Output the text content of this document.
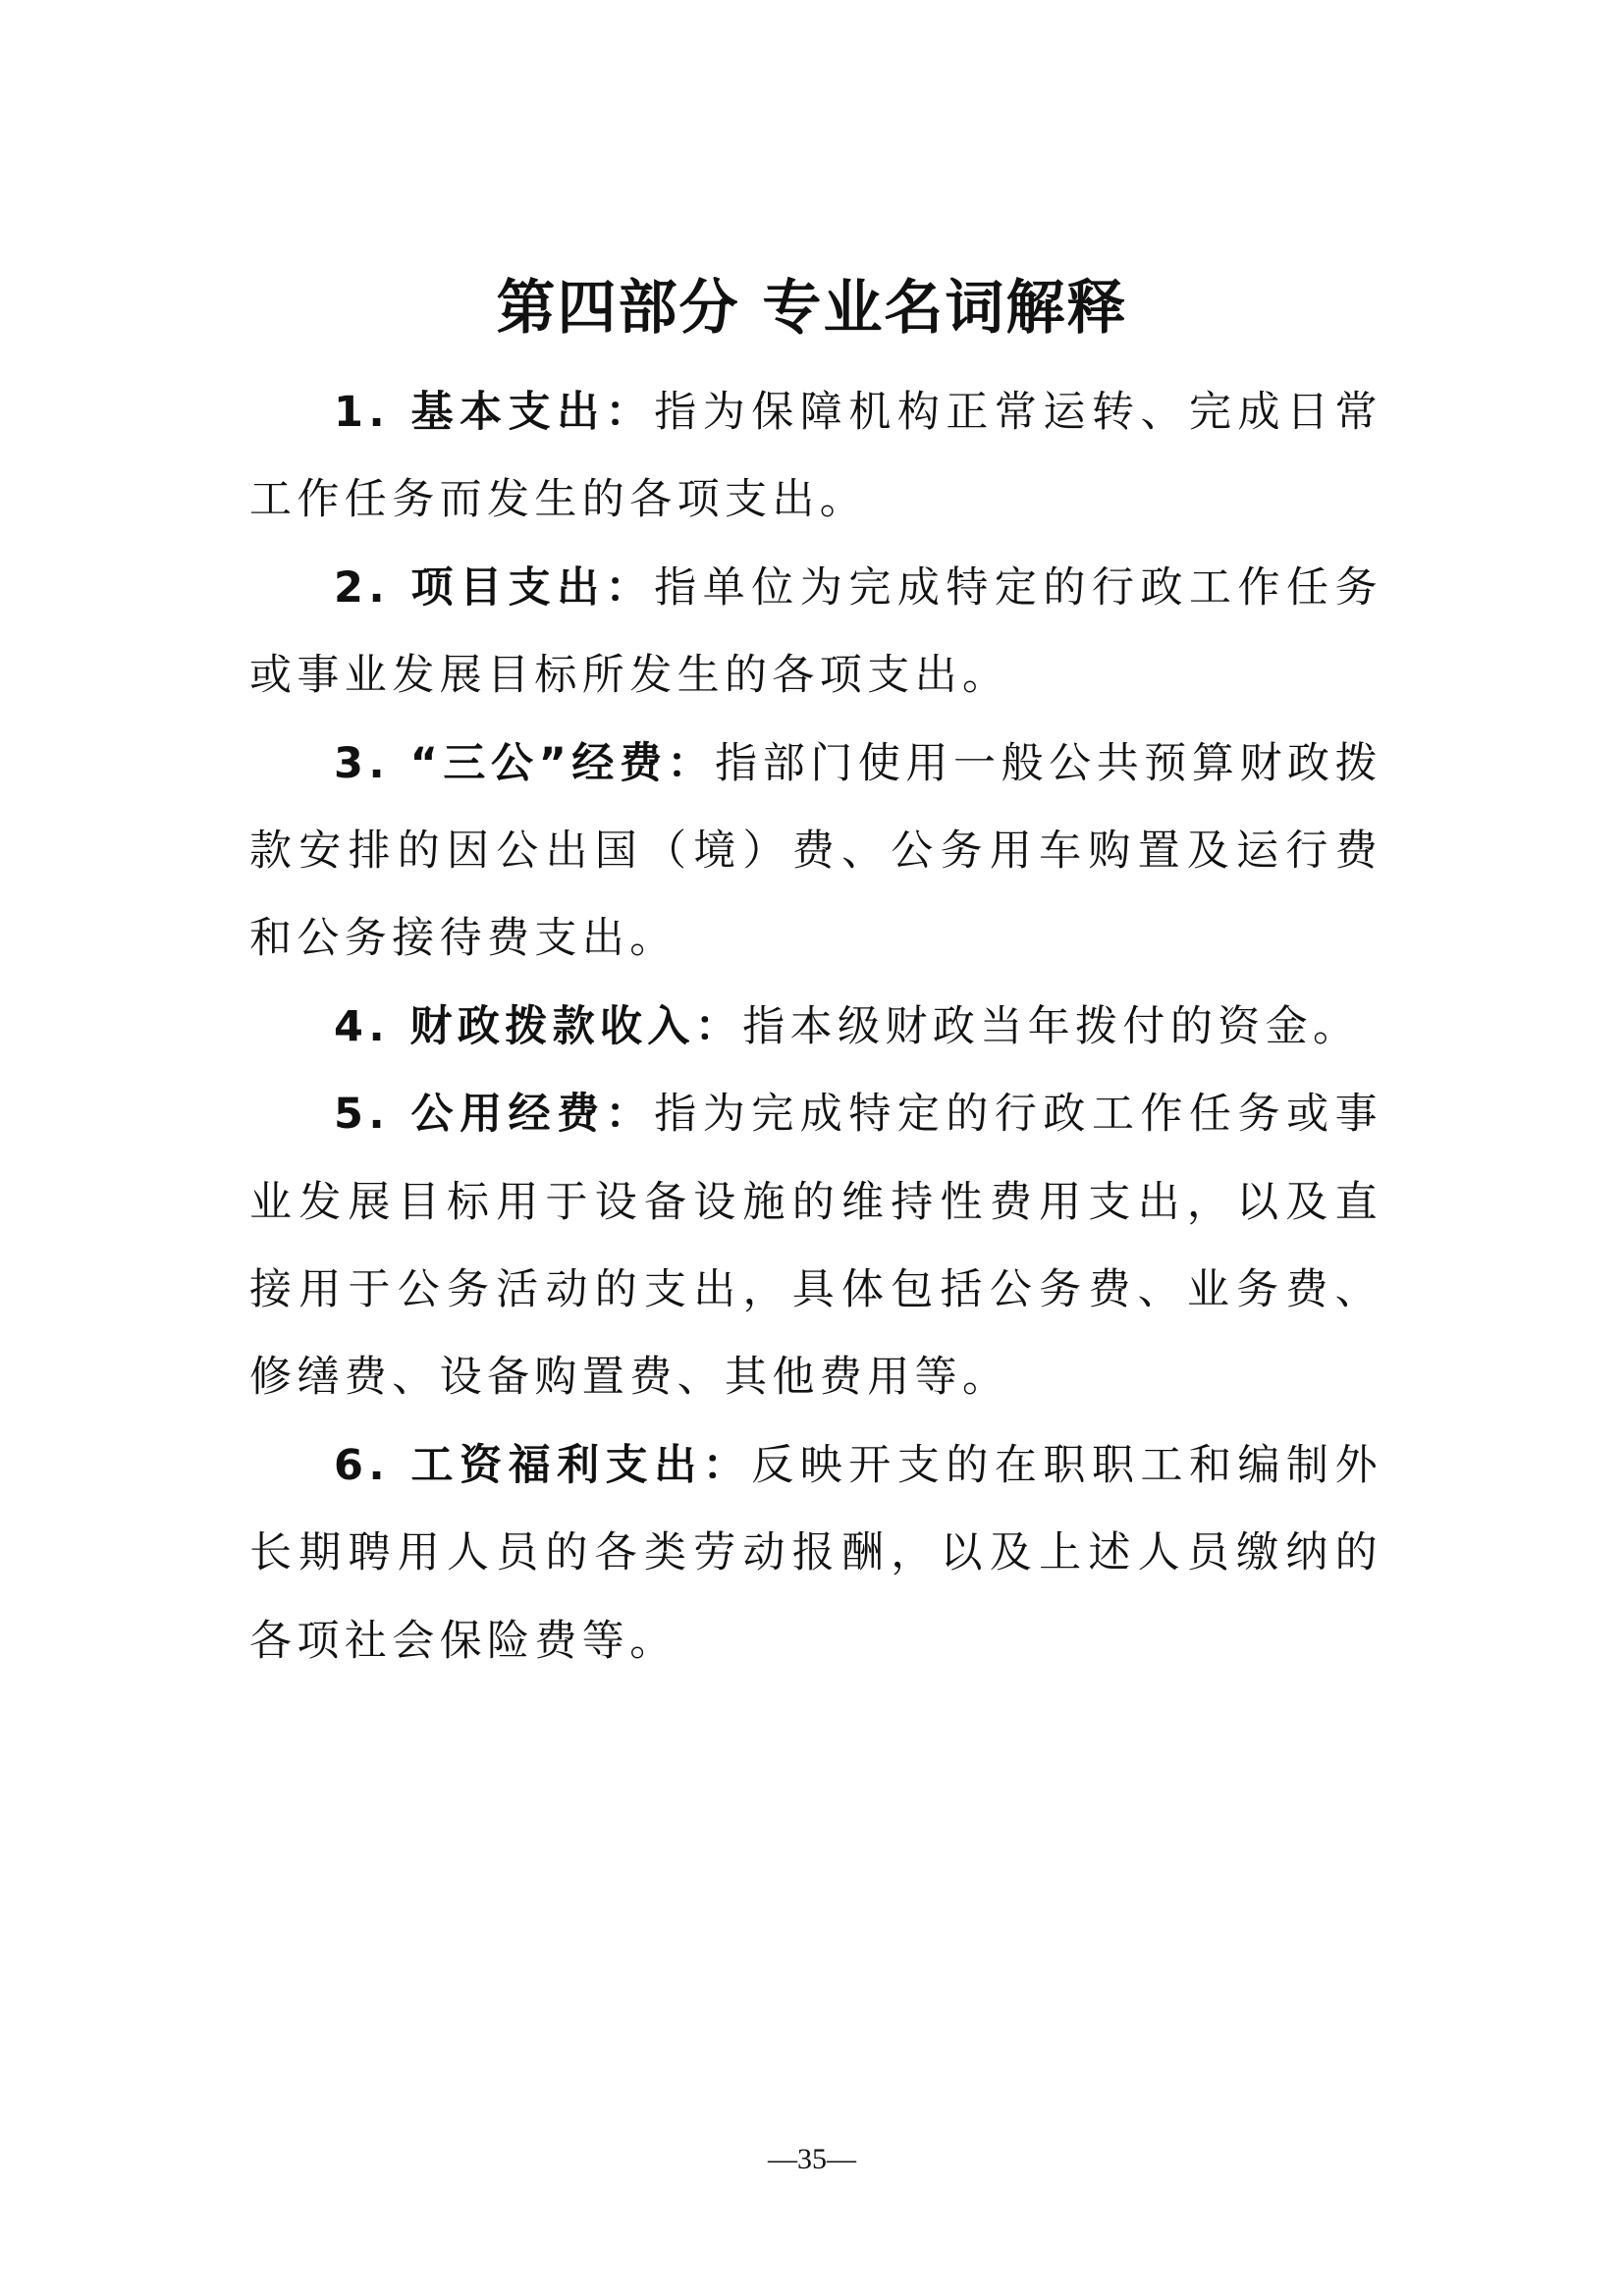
第四部分 专业名词解释

1. 基本支出：指为保障机构正常运转、完成日常工作任务而发生的各项支出。

2. 项目支出：指单位为完成特定的行政工作任务或事业发展目标所发生的各项支出。

3. “三公”经费：指部门使用一般公共预算财政拨款安排的因公出国（境）费、公务用车购置及运行费和公务接待费支出。

4. 财政拨款收入：指本级财政当年拨付的资金。

5. 公用经费：指为完成特定的行政工作任务或事业发展目标用于设备设施的维持性费用支出，以及直接用于公务活动的支出，具体包括公务费、业务费、修缮费、设备购置费、其他费用等。

6. 工资福利支出：反映开支的在职职工和编制外长期聘用人员的各类劳动报酬，以及上述人员缴纳的各项社会保险费等。

—35—
